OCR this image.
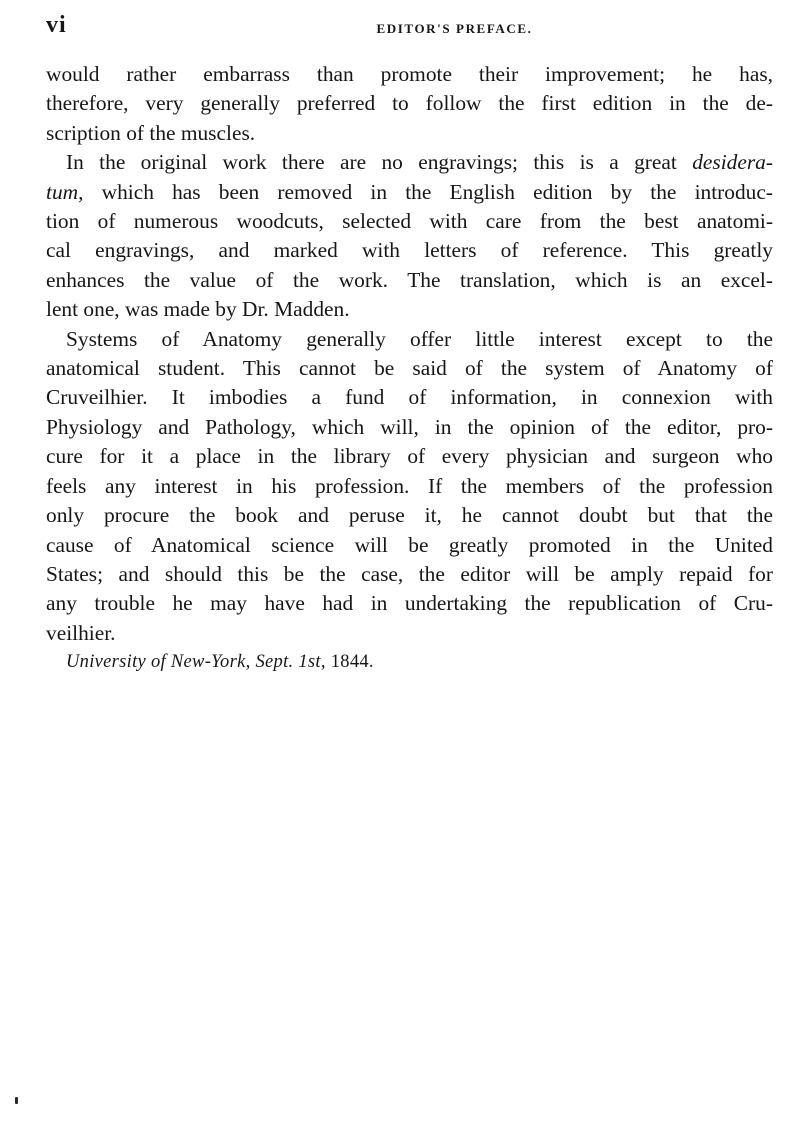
vi	EDITOR'S PREFACE.

would rather embarrass than promote their improvement; he has,
therefore, very generally preferred to follow the first edition in the de-
scription of the muscles.

In the original work there are no engravings; this is a great desidera-
tum, which has been removed in the English edition by the introduc-
tion of numerous woodcuts, selected with care from the best anatomi-
cal engravings, and marked with letters of reference. This greatly
enhances the value of the work. The translation, which is an excel-
lent one, was made by Dr. Madden.

Systems of Anatomy generally offer little interest except to the
anatomical student. This cannot be said of the system of Anatomy of
Cruveilhier. It imbodies a fund of information, in connexion with
Physiology and Pathology, which will, in the opinion of the editor, pro-
cure for it a place in the library of every physician and surgeon who
feels any interest in his profession. If the members of the profession
only procure the book and peruse it, he cannot doubt but that the
cause of Anatomical science will be greatly promoted in the United
States; and should this be the case, the editor will be amply repaid for
any trouble he may have had in undertaking the republication of Cru-
veilhier.

University of New-York, Sept. 1st, 1844.
